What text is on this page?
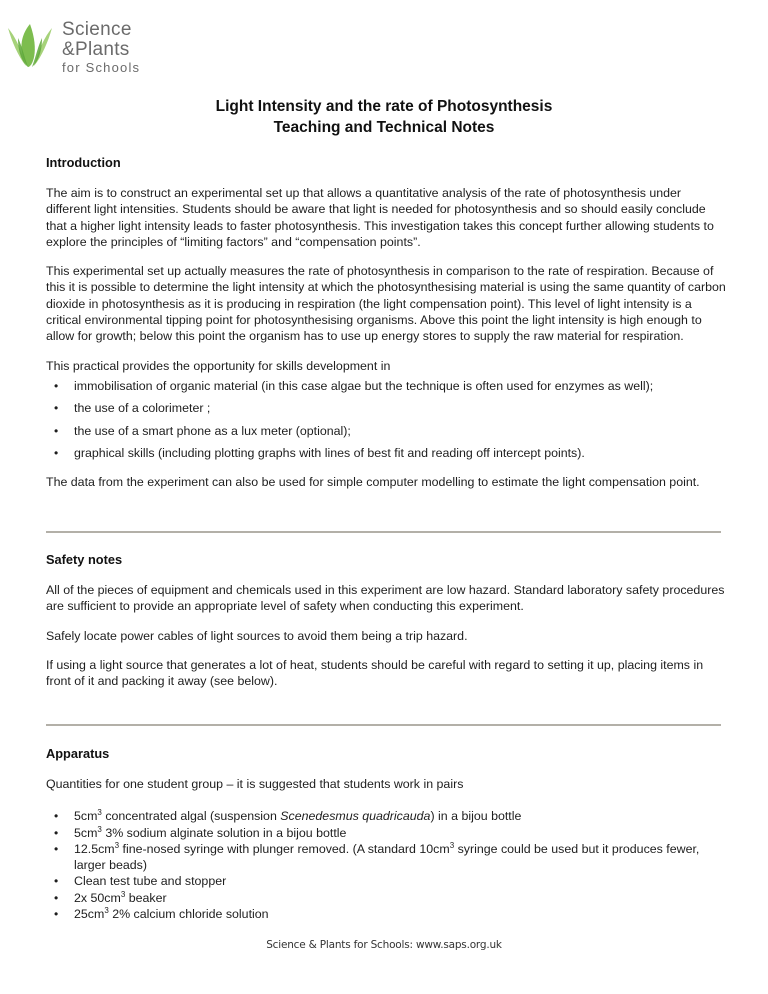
Science
&Plants
for Schools
Light Intensity and the rate of Photosynthesis
Teaching and Technical Notes
Introduction

The aim is to construct an experimental set up that allows a quantitative analysis of the rate of photosynthesis under different light intensities. Students should be aware that light is needed for photosynthesis and so should easily conclude that a higher light intensity leads to faster photosynthesis. This investigation takes this concept further allowing students to explore the principles of “limiting factors” and “compensation points”.

This experimental set up actually measures the rate of photosynthesis in comparison to the rate of respiration. Because of this it is possible to determine the light intensity at which the photosynthesising material is using the same quantity of carbon dioxide in photosynthesis as it is producing in respiration (the light compensation point). This level of light intensity is a critical environmental tipping point for photosynthesising organisms. Above this point the light intensity is high enough to allow for growth; below this point the organism has to use up energy stores to supply the raw material for respiration.

This practical provides the opportunity for skills development in

• immobilisation of organic material (in this case algae but the technique is often used for enzymes as well);
• the use of a colorimeter ;
• the use of a smart phone as a lux meter (optional);
• graphical skills (including plotting graphs with lines of best fit and reading off intercept points).

The data from the experiment can also be used for simple computer modelling to estimate the light compensation point.

Safety notes

All of the pieces of equipment and chemicals used in this experiment are low hazard. Standard laboratory safety procedures are sufficient to provide an appropriate level of safety when conducting this experiment.

Safely locate power cables of light sources to avoid them being a trip hazard.

If using a light source that generates a lot of heat, students should be careful with regard to setting it up, placing items in front of it and packing it away (see below).

Apparatus

Quantities for one student group – it is suggested that students work in pairs

• $5cm^3$ concentrated algal (suspension Scenedesmus quadricauda) in a bijou bottle
• $5cm^3$ 3% sodium alginate solution in a bijou bottle
• $12.5cm^3$ fine-nosed syringe with plunger removed. (A standard $10cm^3$ syringe could be used but it produces fewer, larger beads)
• Clean test tube and stopper
• 2x $50cm^3$ beaker
• $25cm^3$ 2% calcium chloride solution
Science & Plants for Schools: www.saps.org.uk
